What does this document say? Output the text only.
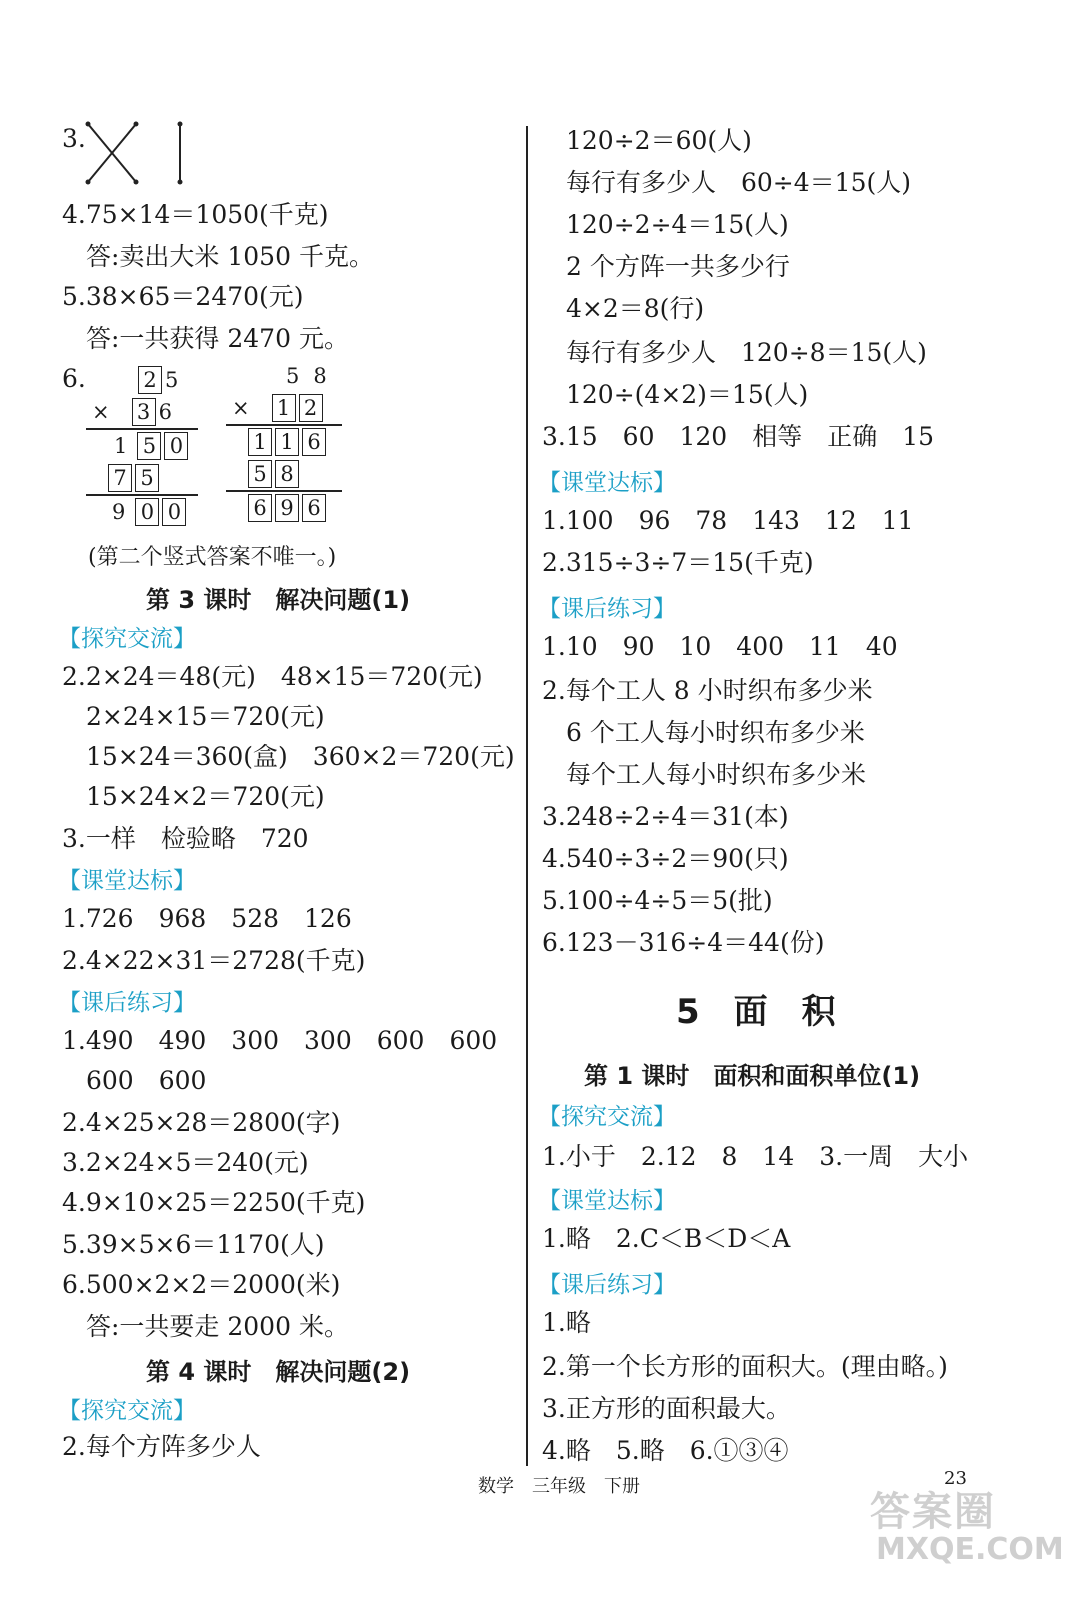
3.
4.75×14＝1050(千克)
答:卖出大米 1050 千克。
5.38×65＝2470(元)
答:一共获得 2470 元。
6.	2 5
× 3 6
1 5 0
7 5
9 0 0
5 8
× 1 2
1 1 6
5 8
6 9 6
(第二个竖式答案不唯一。)
第 3 课时　解决问题(1)
【探究交流】
2.2×24＝48(元)　48×15＝720(元)
2×24×15＝720(元)
15×24＝360(盒)　360×2＝720(元)
15×24×2＝720(元)
3.一样　检验略　720
【课堂达标】
1.726　968　528　126
2.4×22×31＝2728(千克)
【课后练习】
1.490　490　300　300　600　600
600　600
2.4×25×28＝2800(字)
3.2×24×5＝240(元)
4.9×10×25＝2250(千克)
5.39×5×6＝1170(人)
6.500×2×2＝2000(米)
答:一共要走 2000 米。
第 4 课时　解决问题(2)
【探究交流】
2.每个方阵多少人
120÷2＝60(人)
每行有多少人　60÷4＝15(人)
120÷2÷4＝15(人)
2 个方阵一共多少行
4×2＝8(行)
每行有多少人　120÷8＝15(人)
120÷(4×2)＝15(人)
3.15　60　120　相等　正确　15
【课堂达标】
1.100　96　78　143　12　11
2.315÷3÷7＝15(千克)
【课后练习】
1.10　90　10　400　11　40
2.每个工人 8 小时织布多少米
6 个工人每小时织布多少米
每个工人每小时织布多少米
3.248÷2÷4＝31(本)
4.540÷3÷2＝90(只)
5.100÷4÷5＝5(批)
6.123－316÷4＝44(份)
5　面　积
第 1 课时　面积和面积单位(1)
【探究交流】
1.小于　2.12　8　14　3.一周　大小
【课堂达标】
1.略　2.C＜B＜D＜A
【课后练习】
1.略
2.第一个长方形的面积大。(理由略。)
3.正方形的面积最大。
4.略　5.略　6.①③④
数学　三年级　下册	23
答案圈
MXQE.COM
